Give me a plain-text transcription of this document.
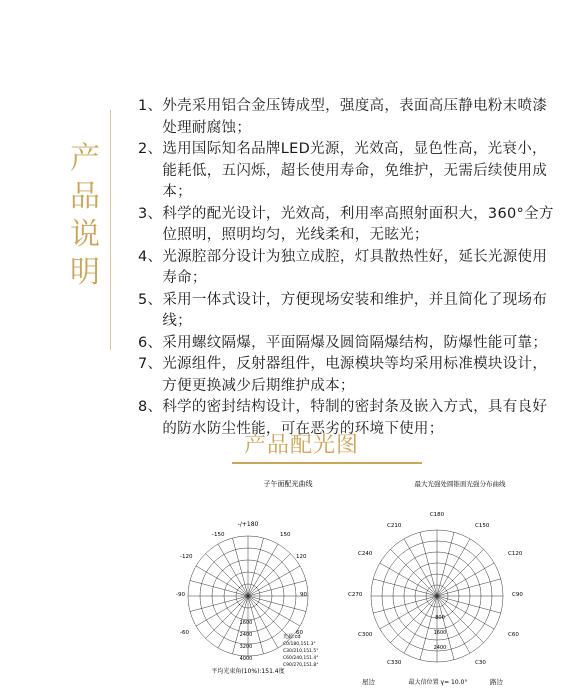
产
品
说
明
1、 外壳采用铝合金压铸成型，强度高，表面高压静电粉末喷漆处理耐腐蚀；
2、 选用国际知名品牌LED光源，光效高，显色性高，光衰小，能耗低，五闪烁，超长使用寿命，免维护，无需后续使用成本；
3、 科学的配光设计，光效高，利用率高照射面积大，360°全方位照明，照明均匀，光线柔和，无眩光；
4、 光源腔部分设计为独立成腔，灯具散热性好，延长光源使用寿命；
5、 采用一体式设计，方便现场安装和维护，并且简化了现场布线；
6、 采用螺纹隔爆，平面隔爆及圆筒隔爆结构，防爆性能可靠；
7、 光源组件，反射器组件，电源模块等均采用标准模块设计，方便更换减少后期维护成本；
8、 科学的密封结构设计，特制的密封条及嵌入方式，具有良好的防水防尘性能，可在恶劣的环境下使用；
产品配光图
子午面配光曲线
-/+180
-150	150
-120	120
-90	90
-60	60
1600
2400
3200
4000
光源:cd
C0/180,151.3°
C30/210,151.5°
C60/240,151.4°
C90/270,151.8°
平均光束角(10%):151.4度
最大光强处圆锥面光强分布曲线
C180
C210	C150
C240	C120
C270	C90
C300	C60
C330	C30
800
1600
2400
屋边	最大信位置 γ= 10.0°	路边
